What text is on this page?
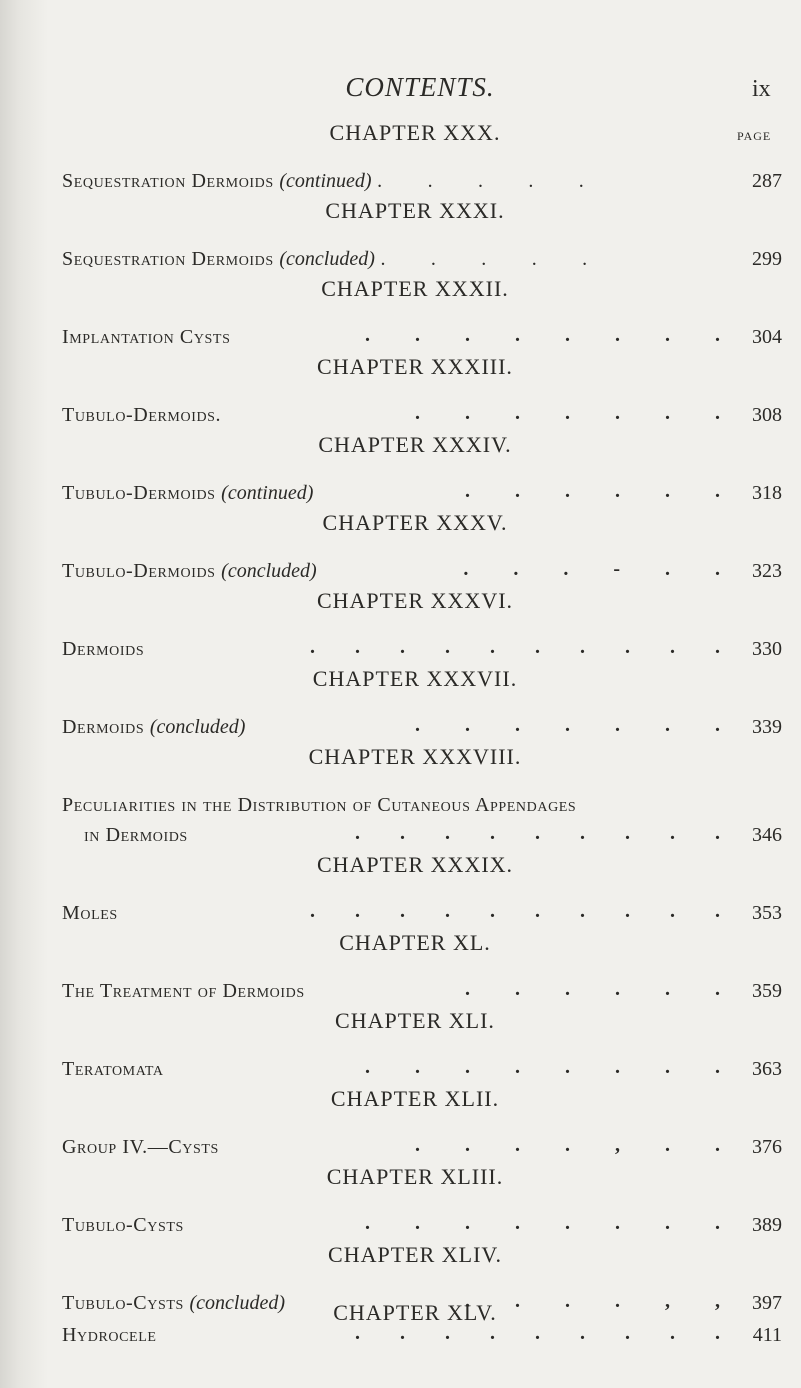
CONTENTS.	ix
PAGE
CHAPTER XXX.
Sequestration Dermoids (continued) .        .        .        .        .	287
CHAPTER XXXI.
Sequestration Dermoids (concluded) .        .        .        .        .	299
CHAPTER XXXII.
Implantation Cysts	.         .         .         .         .         .         .         .	304
CHAPTER XXXIII.
Tubulo-Dermoids.	.         .         .         .         .         .         .	308
CHAPTER XXXIV.
Tubulo-Dermoids (continued)	.         .         .         .         .         .	318
CHAPTER XXXV.
Tubulo-Dermoids (concluded)	.         .         .         -         .         .	323
CHAPTER XXXVI.
Dermoids	.        .        .        .        .        .        .        .        .        .	330
CHAPTER XXXVII.
Dermoids (concluded)	.         .         .         .         .         .         .	339
CHAPTER XXXVIII.
Peculiarities in the Distribution of Cutaneous Appendages
in Dermoids	.        .        .        .        .        .        .        .        .	346
CHAPTER XXXIX.
Moles	.        .        .        .        .        .        .        .        .        .	353
CHAPTER XL.
The Treatment of Dermoids	.         .         .         .         .         .	359
CHAPTER XLI.
Teratomata	.         .         .         .         .         .         .         .	363
CHAPTER XLII.
Group IV.—Cysts	.         .         .         .         ,         .         .	376
CHAPTER XLIII.
Tubulo-Cysts	.         .         .         .         .         .         .         .	389
CHAPTER XLIV.
Tubulo-Cysts (concluded)	.         .         .         .         ,         ,	397
CHAPTER XLV.
Hydrocele	.        .        .        .        .        .        .        .        .	411
